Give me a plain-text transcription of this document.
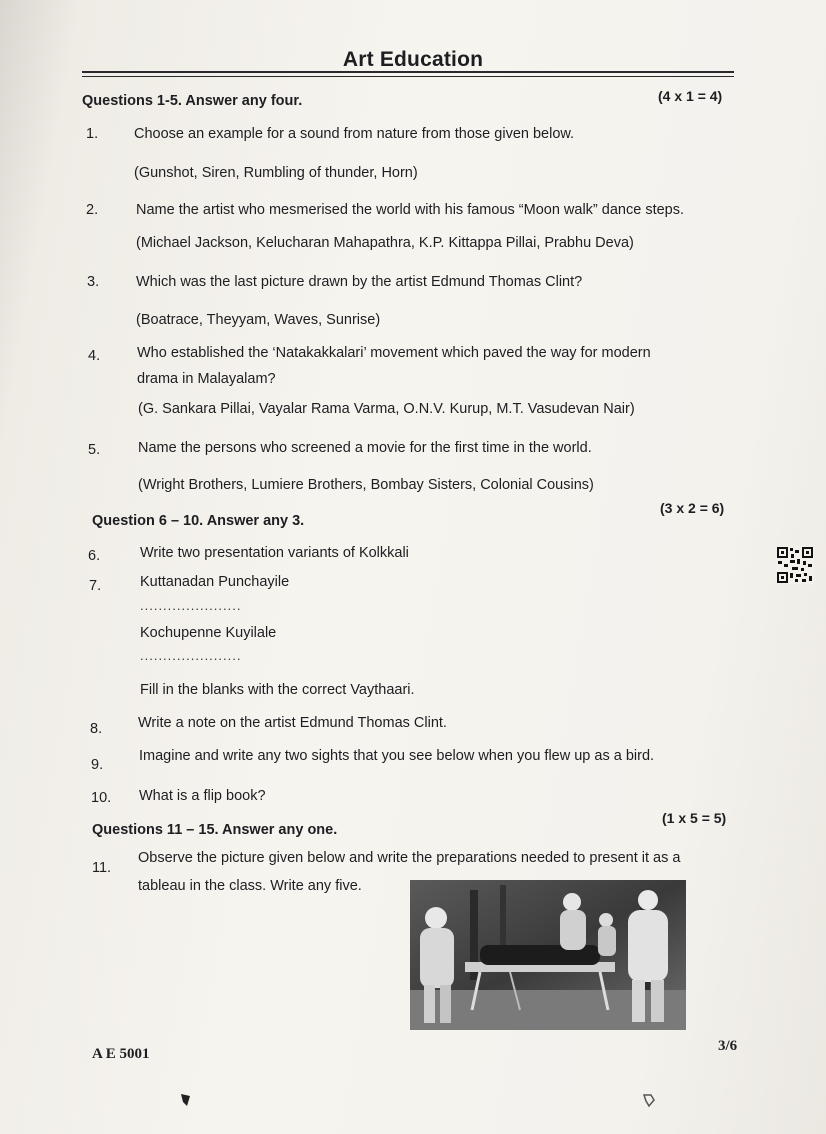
Art Education
Questions 1-5. Answer any four.	(4 x 1 = 4)
1. Choose an example for a sound from nature from those given below.
(Gunshot, Siren, Rumbling of thunder, Horn)
2.	Name the artist who mesmerised the world with his famous “Moon walk” dance steps.
(Michael Jackson, Kelucharan Mahapathra, K.P. Kittappa Pillai, Prabhu Deva)
3.	Which was the last picture drawn by the artist Edmund Thomas Clint?
(Boatrace, Theyyam, Waves, Sunrise)
4.	Who established the ‘Natakakkalari’ movement which paved the way for modern
drama in Malayalam?
(G. Sankara Pillai, Vayalar Rama Varma, O.N.V. Kurup, M.T. Vasudevan Nair)
5.	Name the persons who screened a movie for the first time in the world.
(Wright Brothers, Lumiere Brothers, Bombay Sisters, Colonial Cousins)
Question 6 – 10. Answer any 3.
(3 x 2 = 6)
6.	Write two presentation variants of Kolkkali
7.	Kuttanadan Punchayile
......................
Kochupenne Kuyilale
......................
Fill in the blanks with the correct Vaythaari.
8. Write a note on the artist Edmund Thomas Clint.
9.
Imagine and write any two sights that you see below when you flew up as a bird.
10. What is a flip book?
Questions 11 – 15. Answer any one.
(1 x 5 = 5)
11.
Observe the picture given below and write the preparations needed to present it as a
tableau in the class. Write any five.
A E 5001	3/6
